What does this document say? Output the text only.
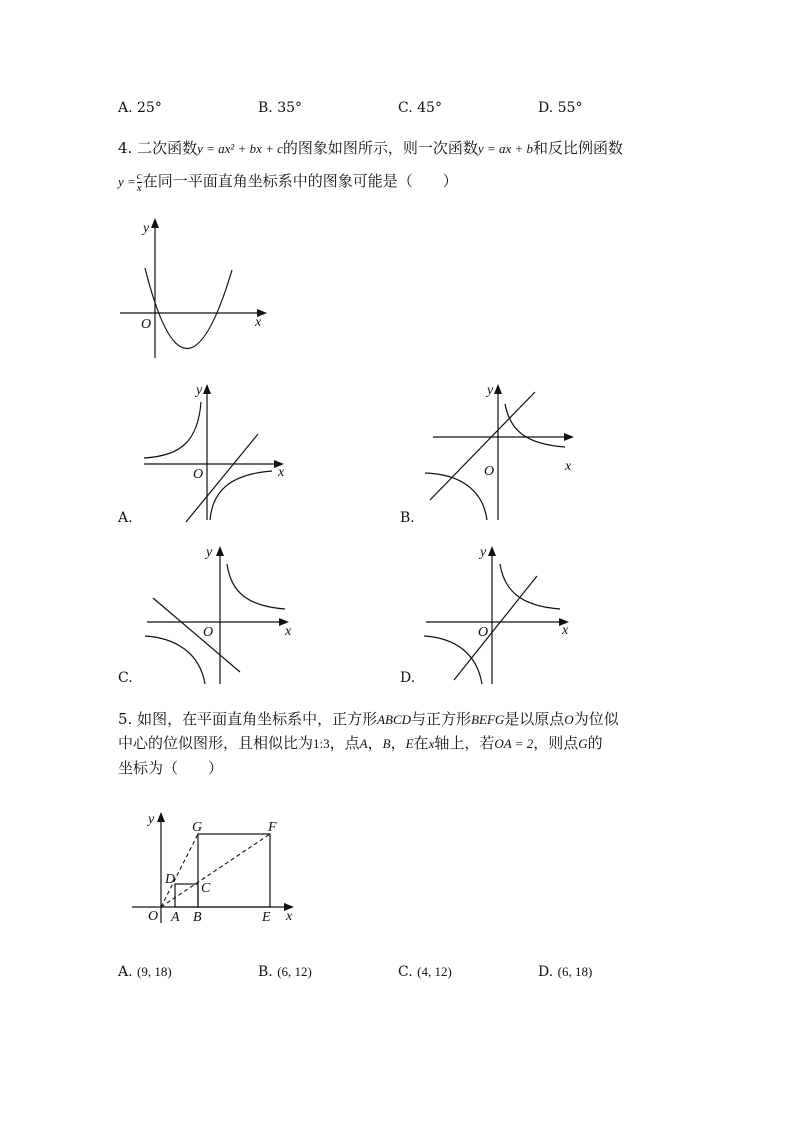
A. 25°	B. 35°	C. 45°	D. 55°
4. 二次函数y = ax² + bx + c的图象如图所示，则一次函数y = ax + b和反比例函数
$y = \frac{c}{x}$ 在同一平面直角坐标系中的图象可能是（　　）
y
x
O
y
x
O
A.
y
x
O
B.
y
x
O
C.
y
x
O
D.
5. 如图，在平面直角坐标系中，正方形ABCD与正方形BEFG是以原点O为位似
中心的位似图形，且相似比为1:3，点A，B，E在x轴上，若OA = 2，则点G的
坐标为（　　）
y
x
O A B	E
C
D
G	F
A. (9, 18)	B. (6, 12)	C. (4, 12)	D. (6, 18)
